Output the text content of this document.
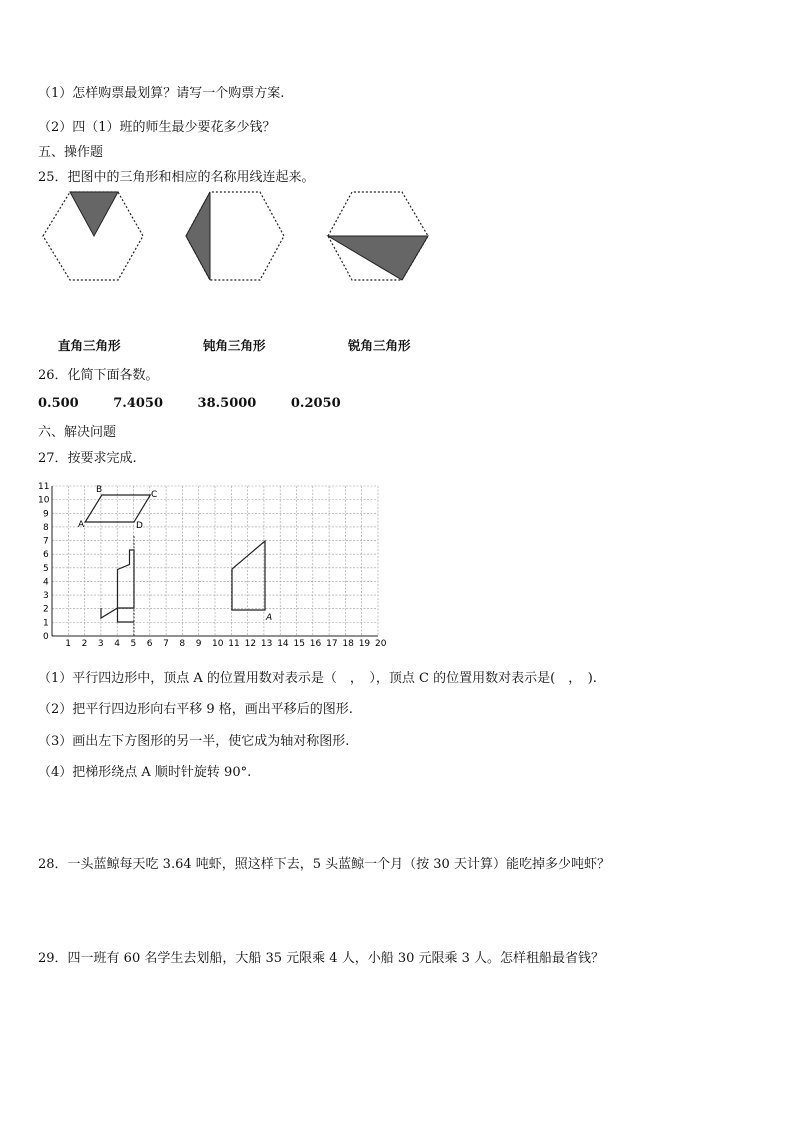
（1）怎样购票最划算？请写一个购票方案.
（2）四（1）班的师生最少要花多少钱？
五、操作题
25．把图中的三角形和相应的名称用线连起来。
直角三角形	钝角三角形	锐角三角形
26．化简下面各数。
0.500	7.4050	38.5000	0.2050
六、解决问题
27．按要求完成.
1 2 3 4 5 6 7 8 9 10 11 12 13 14 15 16 17 18 19 20
0
1
2
3
4
5
6
7
8
9
10
11
A
B	C
D
A
（1）平行四边形中，顶点 A 的位置用数对表示是（　，　），顶点 C 的位置用数对表示是(　，　).
（2）把平行四边形向右平移 9 格，画出平移后的图形.
（3）画出左下方图形的另一半，使它成为轴对称图形.
（4）把梯形绕点 A 顺时针旋转 90°.
28．一头蓝鲸每天吃 3.64 吨虾，照这样下去，5 头蓝鲸一个月（按 30 天计算）能吃掉多少吨虾？
29．四一班有 60 名学生去划船，大船 35 元限乘 4 人，小船 30 元限乘 3 人。怎样租船最省钱？
